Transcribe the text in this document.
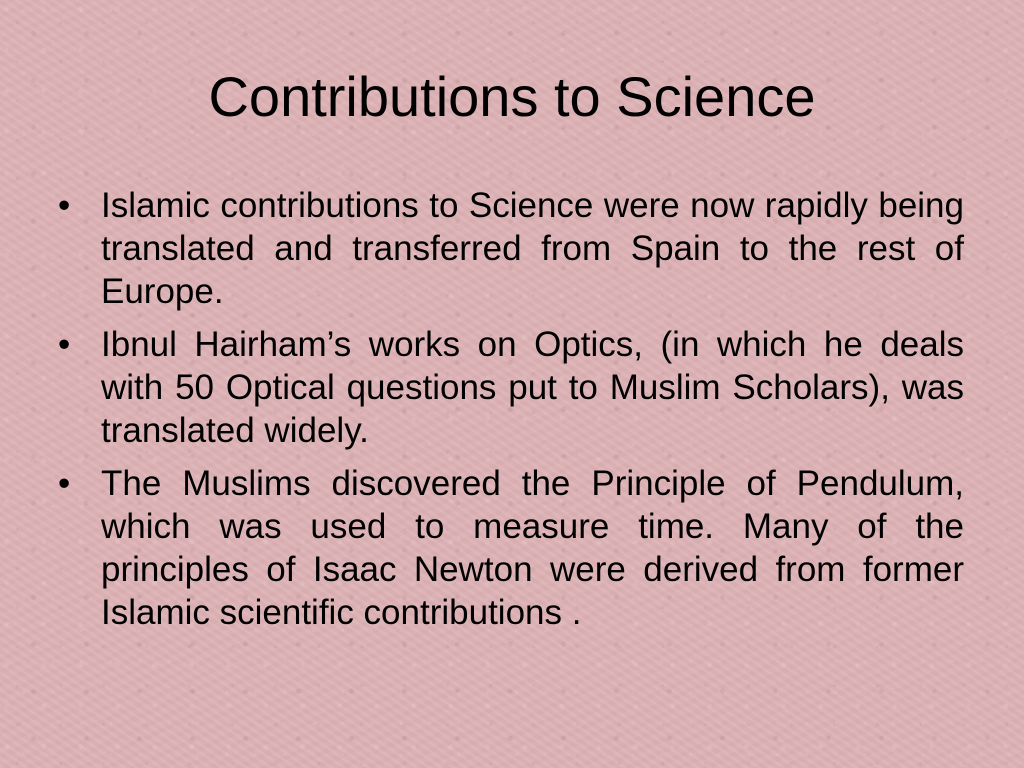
Contributions to Science
• Islamic contributions to Science were now rapidly being translated and transferred from Spain to the rest of Europe.
• Ibnul Hairham’s works on Optics, (in which he deals with 50 Optical questions put to Muslim Scholars), was translated widely.
• The Muslims discovered the Principle of Pendulum, which was used to measure time. Many of the principles of Isaac Newton were derived from former Islamic scientific contributions .
